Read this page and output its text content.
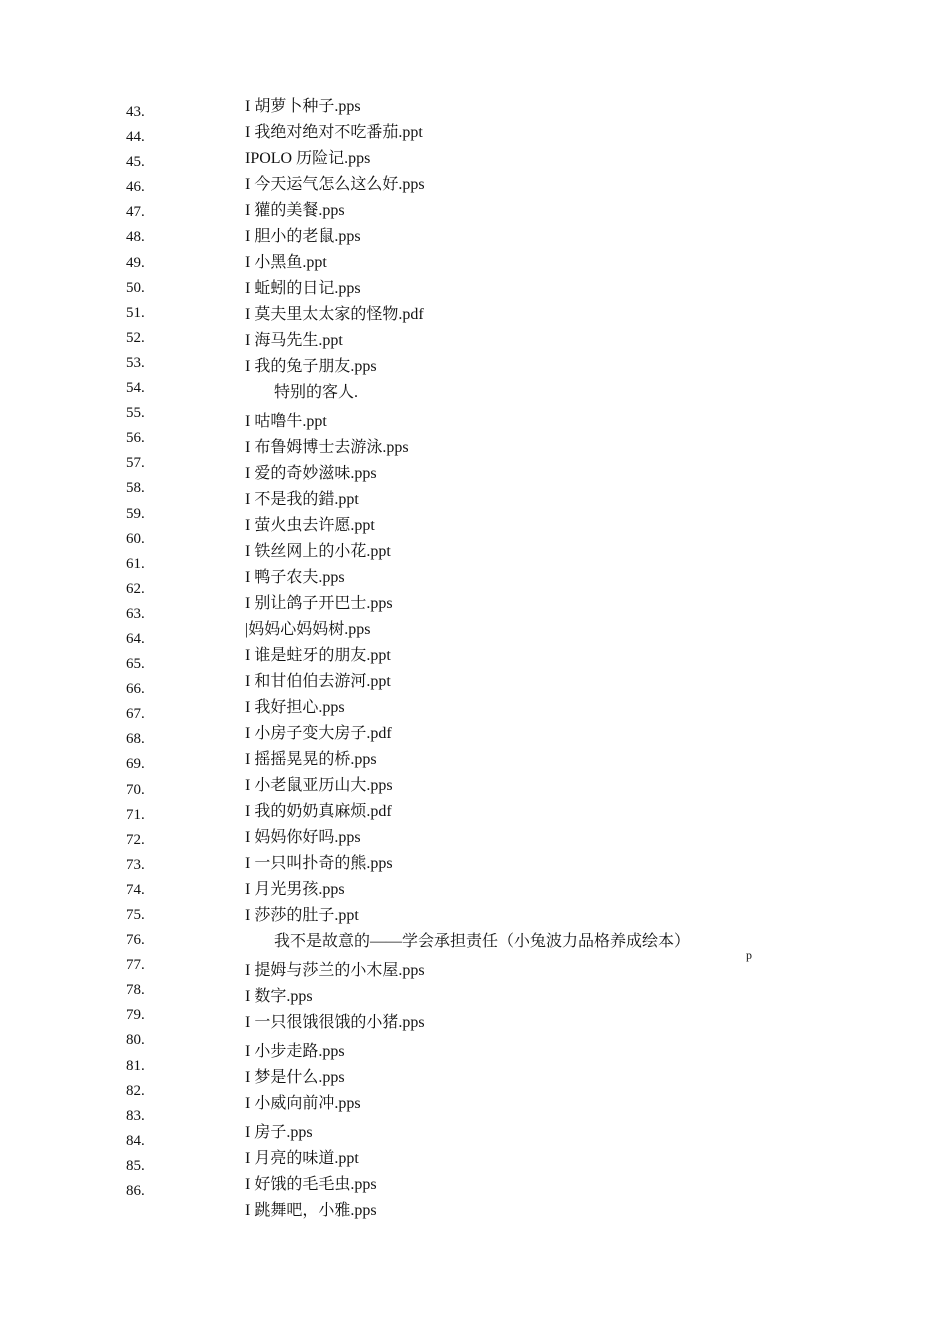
43.
44.
45.
46.
47.
48.
49.
50.
51.
52.
53.
54.
55.
56.
57.
58.
59.
60.
61.
62.
63.
64.
65.
66.
67.
68.
69.
70.
71.
72.
73.
74.
75.
76.
77.
78.
79.
80.
81.
82.
83.
84.
85.
86.
I 胡萝卜种子.pps
I 我绝对绝对不吃番茄.ppt
IPOLO 历险记.pps
I 今天运气怎么这么好.pps
I 獾的美餐.pps
I 胆小的老鼠.pps
I 小黑鱼.ppt
I 蚯蚓的日记.pps
I 莫夫里太太家的怪物.pdf
I 海马先生.ppt
I 我的兔子朋友.pps
特别的客人.
I 咕噜牛.ppt
I 布鲁姆博士去游泳.pps
I 爱的奇妙滋味.pps
I 不是我的錯.ppt
I 萤火虫去许愿.ppt
I 铁丝网上的小花.ppt
I 鸭子农夫.pps
I 别让鸽子开巴士.pps
|妈妈心妈妈树.pps
I 谁是蛀牙的朋友.ppt
I 和甘伯伯去游河.ppt
I 我好担心.pps
I 小房子变大房子.pdf
I 摇摇晃晃的桥.pps
I 小老鼠亚历山大.pps
I 我的奶奶真麻烦.pdf
I 妈妈你好吗.pps
I 一只叫扑奇的熊.pps
I 月光男孩.pps
I 莎莎的肚子.ppt
我不是故意的——学会承担责任（小兔波力品格养成绘本）
I 提姆与莎兰的小木屋.pps
I 数字.pps
I 一只很饿很饿的小猪.pps
I 小步走路.pps
I 梦是什么.pps
I 小威向前冲.pps
I 房子.pps
I 月亮的味道.ppt
I 好饿的毛毛虫.pps
I 跳舞吧，小雅.pps
p
